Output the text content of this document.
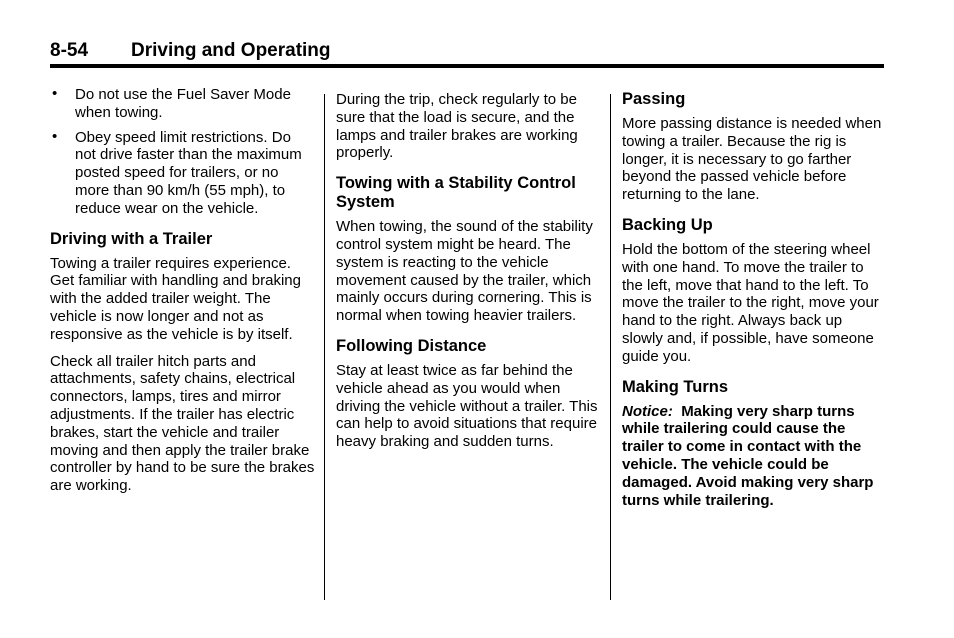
8-54 Driving and Operating
• Do not use the Fuel Saver Mode when towing.
• Obey speed limit restrictions. Do not drive faster than the maximum posted speed for trailers, or no more than 90 km/h (55 mph), to reduce wear on the vehicle.
Driving with a Trailer

Towing a trailer requires experience. Get familiar with handling and braking with the added trailer weight. The vehicle is now longer and not as responsive as the vehicle is by itself.

Check all trailer hitch parts and attachments, safety chains, electrical connectors, lamps, tires and mirror adjustments. If the trailer has electric brakes, start the vehicle and trailer moving and then apply the trailer brake controller by hand to be sure the brakes are working.

During the trip, check regularly to be sure that the load is secure, and the lamps and trailer brakes are working properly.

Towing with a Stability Control System

When towing, the sound of the stability control system might be heard. The system is reacting to the vehicle movement caused by the trailer, which mainly occurs during cornering. This is normal when towing heavier trailers.

Following Distance

Stay at least twice as far behind the vehicle ahead as you would when driving the vehicle without a trailer. This can help to avoid situations that require heavy braking and sudden turns.

Passing

More passing distance is needed when towing a trailer. Because the rig is longer, it is necessary to go farther beyond the passed vehicle before returning to the lane.

Backing Up

Hold the bottom of the steering wheel with one hand. To move the trailer to the left, move that hand to the left. To move the trailer to the right, move your hand to the right. Always back up slowly and, if possible, have someone guide you.

Making Turns

Notice: Making very sharp turns while trailering could cause the trailer to come in contact with the vehicle. The vehicle could be damaged. Avoid making very sharp turns while trailering.
